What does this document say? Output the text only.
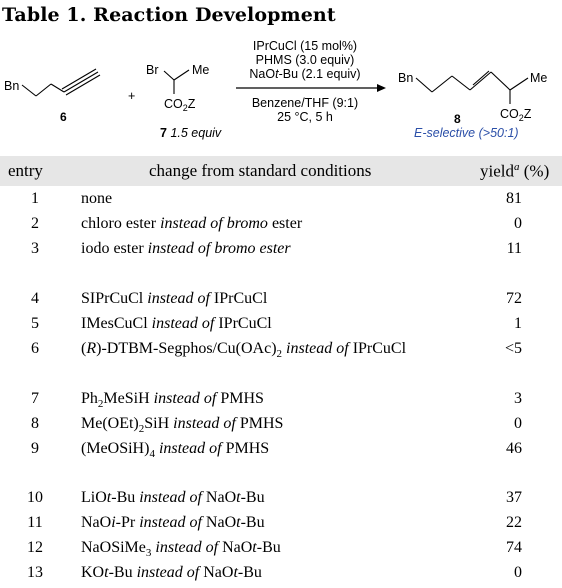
Table 1. Reaction Development
Bn
6
+
Br	Me
$CO_2Z$
7 1.5 equiv
IPrCuCl (15 mol%)
PHMS (3.0 equiv)
NaOt-Bu (2.1 equiv)
Benzene/THF (9:1)
25 °C, 5 h
Bn	Me
$CO_2Z$
8
E-selective (>50:1)
entry	change from standard conditions	yield$^a$ (%)
1	none	81
2	chloro ester instead of bromo ester	0
3	iodo ester instead of bromo ester	11
4	SIPrCuCl instead of IPrCuCl	72
5	IMesCuCl instead of IPrCuCl	1
6	$(R)-DTBM-Segphos/Cu(OAc)_2$ instead of IPrCuCl	<5
7	$Ph_2MeSiH$ instead of PMHS	3
8	$Me(OEt)_2SiH$ instead of PMHS	0
9	$(MeOSiH)_4$ instead of PMHS	46
10	LiOt-Bu instead of NaOt-Bu	37
11	NaOi-Pr instead of NaOt-Bu	22
12	NaOSiMe$_3$ instead of NaOt-Bu	74
13	KOt-Bu instead of NaOt-Bu	0
